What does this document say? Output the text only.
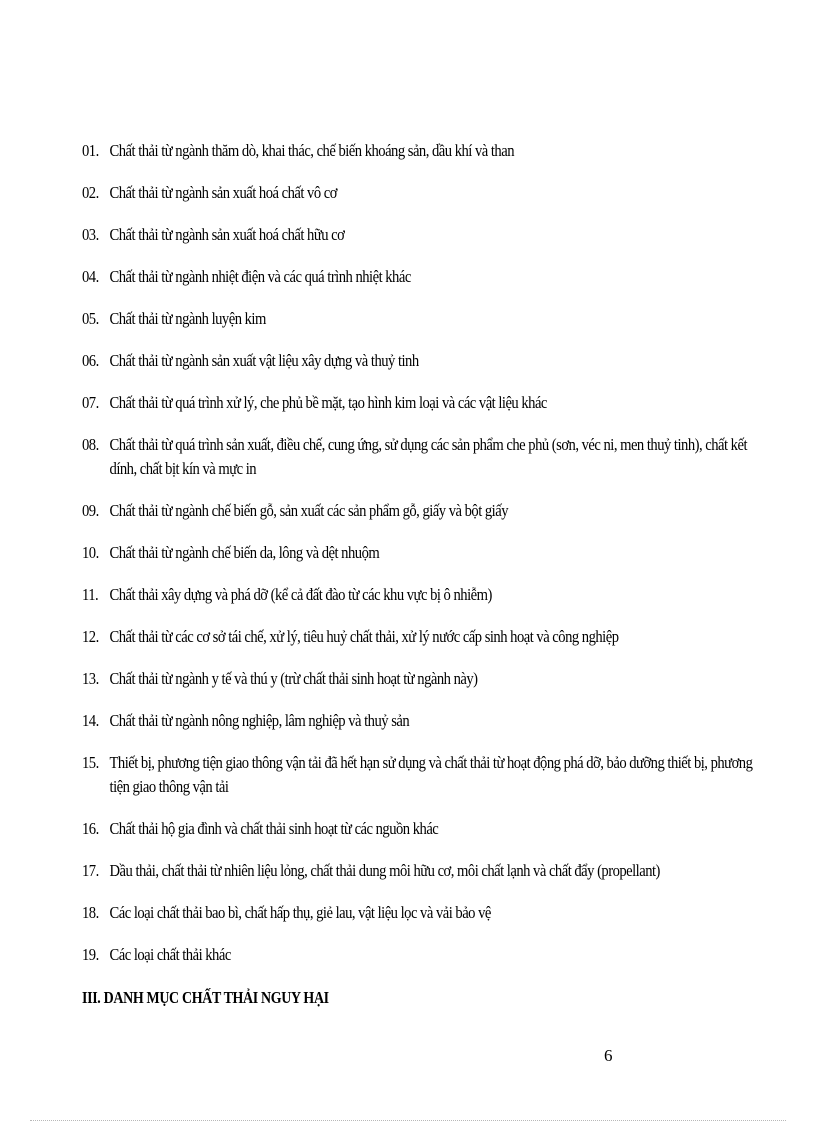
01. Chất thải từ ngành thăm dò, khai thác, chế biến khoáng sản, dầu khí và than
02. Chất thải từ ngành sản xuất hoá chất vô cơ
03. Chất thải từ ngành sản xuất hoá chất hữu cơ
04. Chất thải từ ngành nhiệt điện và các quá trình nhiệt khác
05. Chất thải từ ngành luyện kim
06. Chất thải từ ngành sản xuất vật liệu xây dựng và thuỷ tinh
07. Chất thải từ quá trình xử lý, che phủ bề mặt, tạo hình kim loại và các vật liệu khác
08. Chất thải từ quá trình sản xuất, điều chế, cung ứng, sử dụng các sản phẩm che phủ (sơn, véc ni, men thuỷ tinh), chất kết dính, chất bịt kín và mực in
09. Chất thải từ ngành chế biến gỗ, sản xuất các sản phẩm gỗ, giấy và bột giấy
10. Chất thải từ ngành chế biến da, lông và dệt nhuộm
11. Chất thải xây dựng và phá dỡ (kể cả đất đào từ các khu vực bị ô nhiễm)
12. Chất thải từ các cơ sở tái chế, xử lý, tiêu huỷ chất thải, xử lý nước cấp sinh hoạt và công nghiệp
13. Chất thải từ ngành y tế và thú y (trừ chất thải sinh hoạt từ ngành này)
14. Chất thải từ ngành nông nghiệp, lâm nghiệp và thuỷ sản
15. Thiết bị, phương tiện giao thông vận tải đã hết hạn sử dụng và chất thải từ hoạt động phá dỡ, bảo dưỡng thiết bị, phương tiện giao thông vận tải
16. Chất thải hộ gia đình và chất thải sinh hoạt từ các nguồn khác
17. Dầu thải, chất thải từ nhiên liệu lỏng, chất thải dung môi hữu cơ, môi chất lạnh và chất đẩy (propellant)
18. Các loại chất thải bao bì, chất hấp thụ, giẻ lau, vật liệu lọc và vải bảo vệ
19. Các loại chất thải khác
III. DANH MỤC CHẤT THẢI NGUY HẠI
6
